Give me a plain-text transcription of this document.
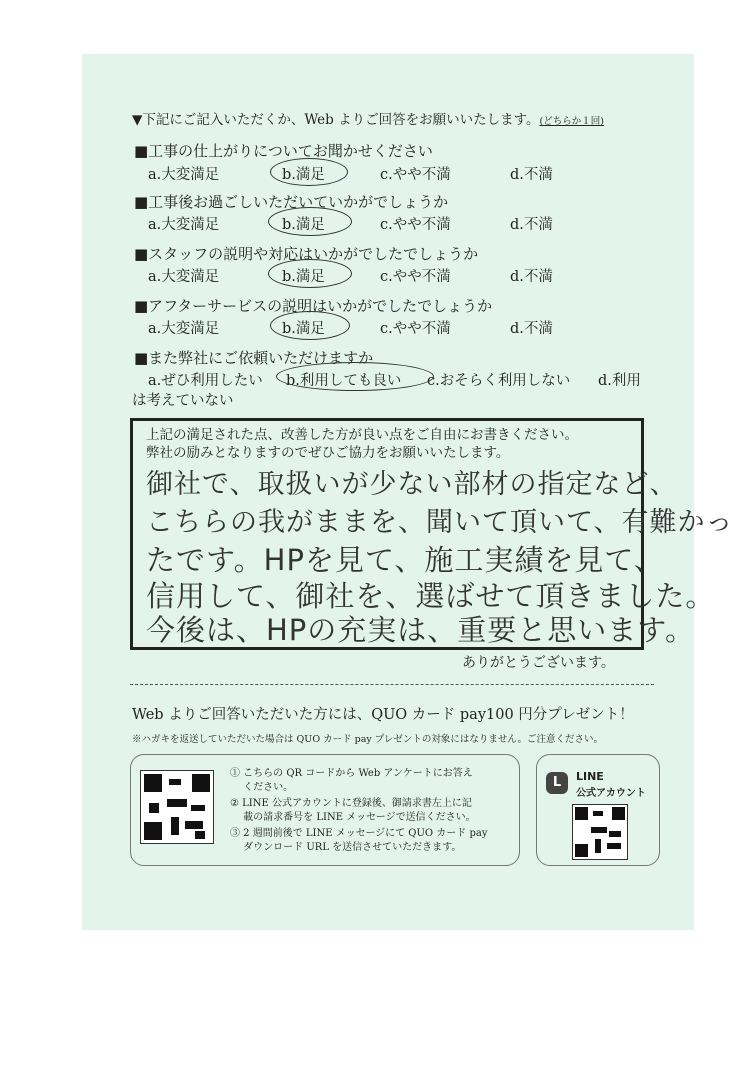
▼下記にご記入いただくか、Web よりご回答をお願いいたします。(どちらか１回)
■工事の仕上がりについてお聞かせください
a.大変満足	b.満足	c.やや不満	d.不満
■工事後お過ごしいただいていかがでしょうか
a.大変満足	b.満足	c.やや不満	d.不満
■スタッフの説明や対応はいかがでしたでしょうか
a.大変満足	b.満足	c.やや不満	d.不満
■アフターサービスの説明はいかがでしたでしょうか
a.大変満足	b.満足	c.やや不満	d.不満
■また弊社にご依頼いただけますか
a.ぜひ利用したい b.利用しても良い c.おそらく利用しない d.利用
は考えていない
上記の満足された点、改善した方が良い点をご自由にお書きください。
弊社の励みとなりますのでぜひご協力をお願いいたします。
御社で、取扱いが少ない部材の指定など、
こちらの我がままを、聞いて頂いて、有難かっ
たです。HPを見て、施工実績を見て、
信用して、御社を、選ばせて頂きました。
今後は、HPの充実は、重要と思います。
ありがとうございます。
Web よりご回答いただいた方には、QUO カード pay100 円分プレゼント！
※ハガキを返送していただいた場合は QUO カード pay プレゼントの対象にはなりません。ご注意ください。
① こちらの QR コードから Web アンケートにお答え
　 ください。
② LINE 公式アカウントに登録後、御請求書左上に記
　 載の請求番号を LINE メッセージで送信ください。
③ 2 週間前後で LINE メッセージにて QUO カード pay
　 ダウンロード URL を送信させていただきます。
L	LINE
公式アカウント
